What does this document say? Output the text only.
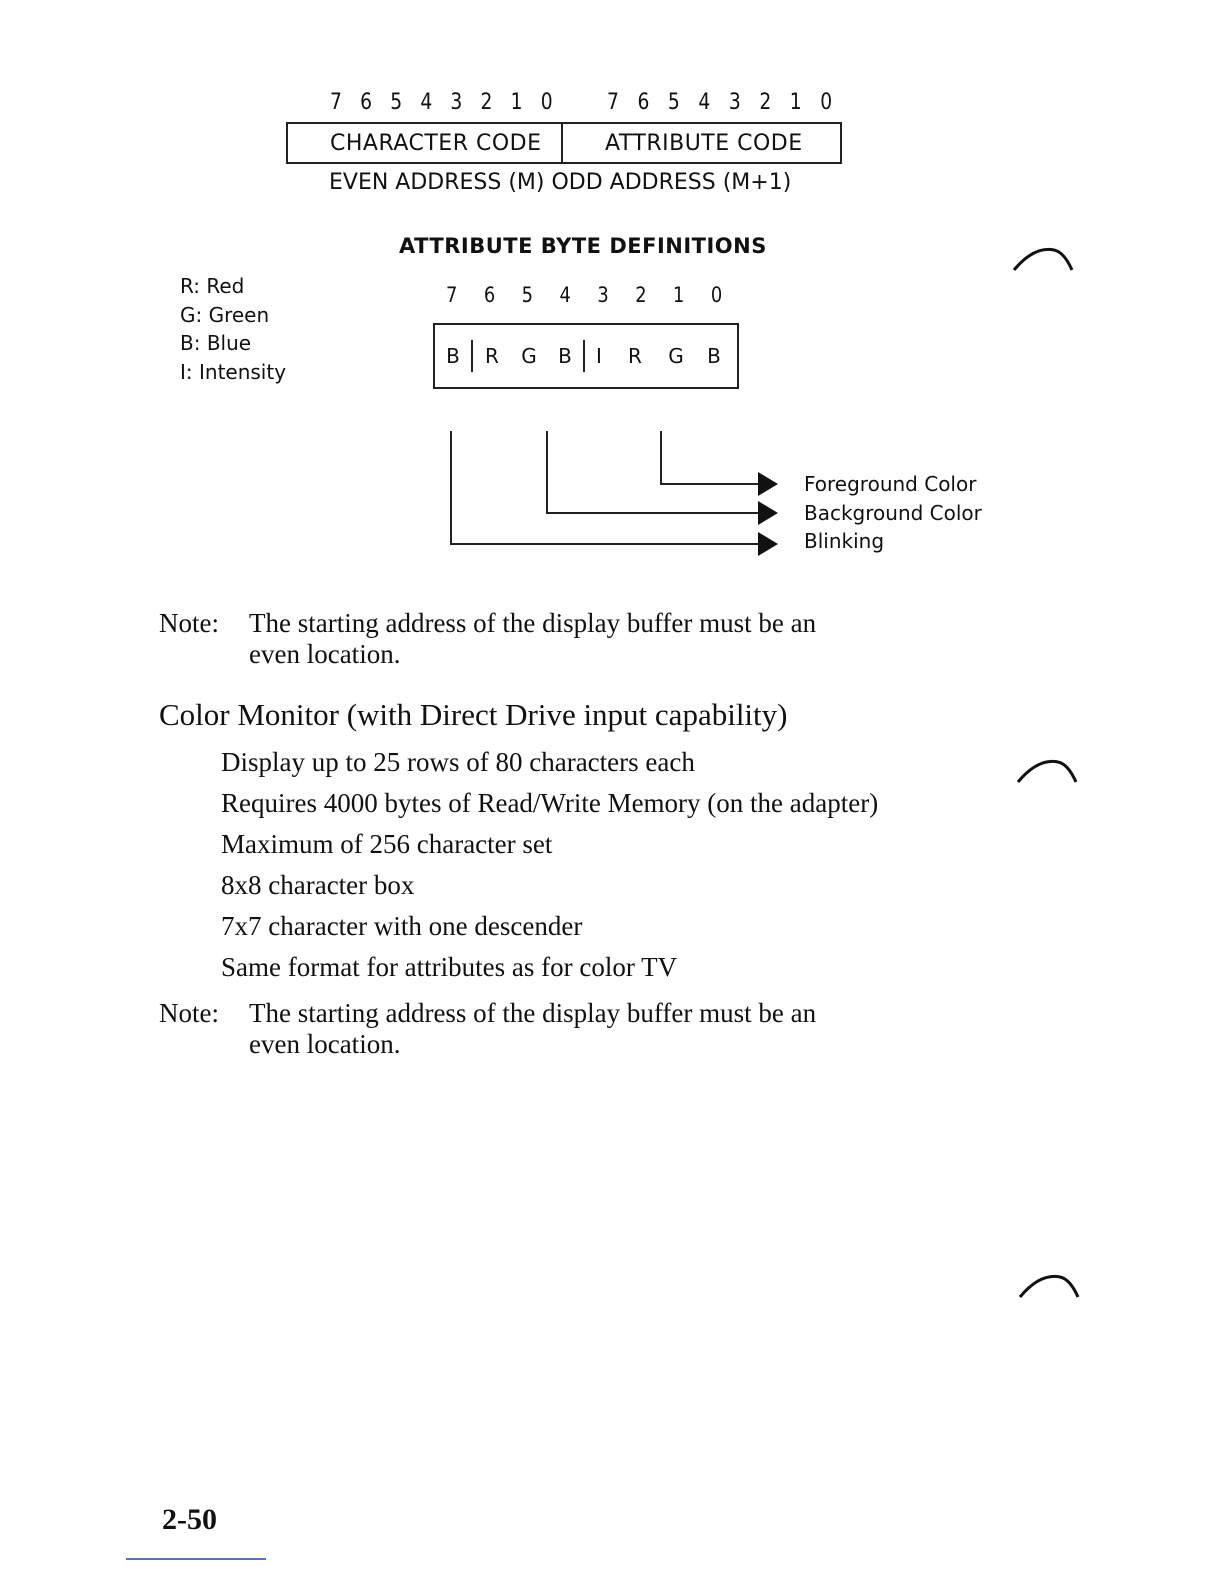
7 6 5 4 3 2 1 0 7 6 5 4 3 2 1 0
CHARACTER CODE	ATTRIBUTE CODE
EVEN ADDRESS (M) ODD ADDRESS (M+1)
ATTRIBUTE BYTE DEFINITIONS
R: Red
G: Green
B: Blue
I: Intensity
7 6 5 4 3 2 1 0
B	R	G	B	I	R	G	B
Foreground Color
Background Color
Blinking
Note: The starting address of the display buffer must be an
even location.
Color Monitor (with Direct Drive input capability)
Display up to 25 rows of 80 characters each
Requires 4000 bytes of Read/Write Memory (on the adapter)
Maximum of 256 character set
8x8 character box
7x7 character with one descender
Same format for attributes as for color TV
Note: The starting address of the display buffer must be an
even location.
2-50
